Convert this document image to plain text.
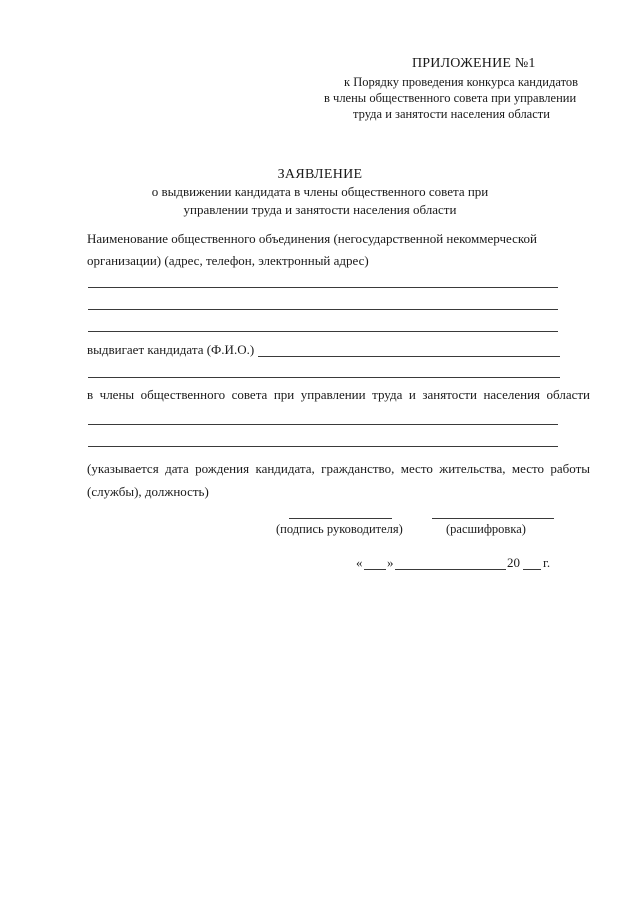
ПРИЛОЖЕНИЕ №1
к Порядку проведения конкурса кандидатов
в члены общественного совета при управлении
труда и занятости населения области
ЗАЯВЛЕНИЕ
о выдвижении кандидата в члены общественного совета при
управлении труда и занятости населения области
Наименование общественного объединения (негосударственной некоммерческой
организации) (адрес, телефон, электронный адрес)
выдвигает кандидата (Ф.И.О.)
в члены общественного совета при управлении труда и занятости населения области
(указывается дата рождения кандидата, гражданство, место жительства, место работы
(службы), должность)
(подпись руководителя)	(расшифровка)
« »	20 г.
